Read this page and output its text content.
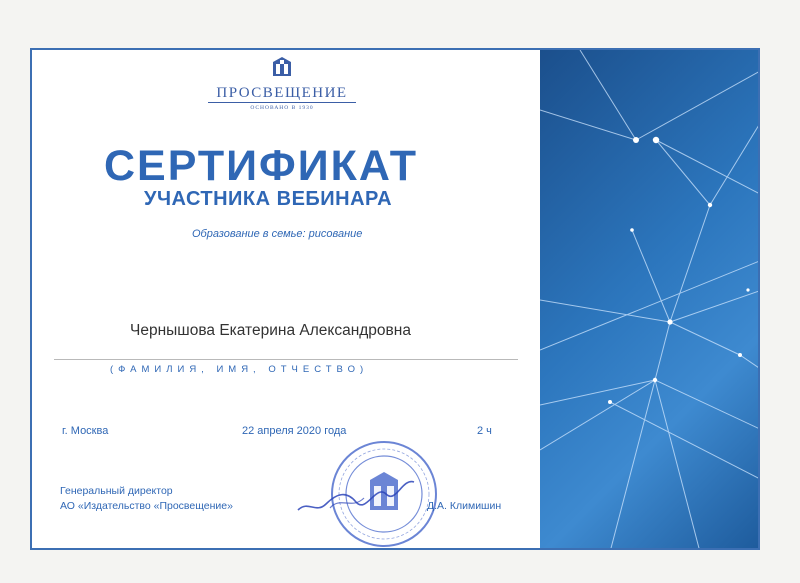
ПРОСВЕЩЕНИЕ
ОСНОВАНО В 1930
СЕРТИФИКАТ
УЧАСТНИКА ВЕБИНАРА
Образование в семье: рисование
Чернышова Екатерина Александровна
(ФАМИЛИЯ, ИМЯ, ОТЧЕСТВО)
г. Москва	22 апреля 2020 года	2 ч
Генеральный директор
АО «Издательство «Просвещение»	Д.А. Климишин
